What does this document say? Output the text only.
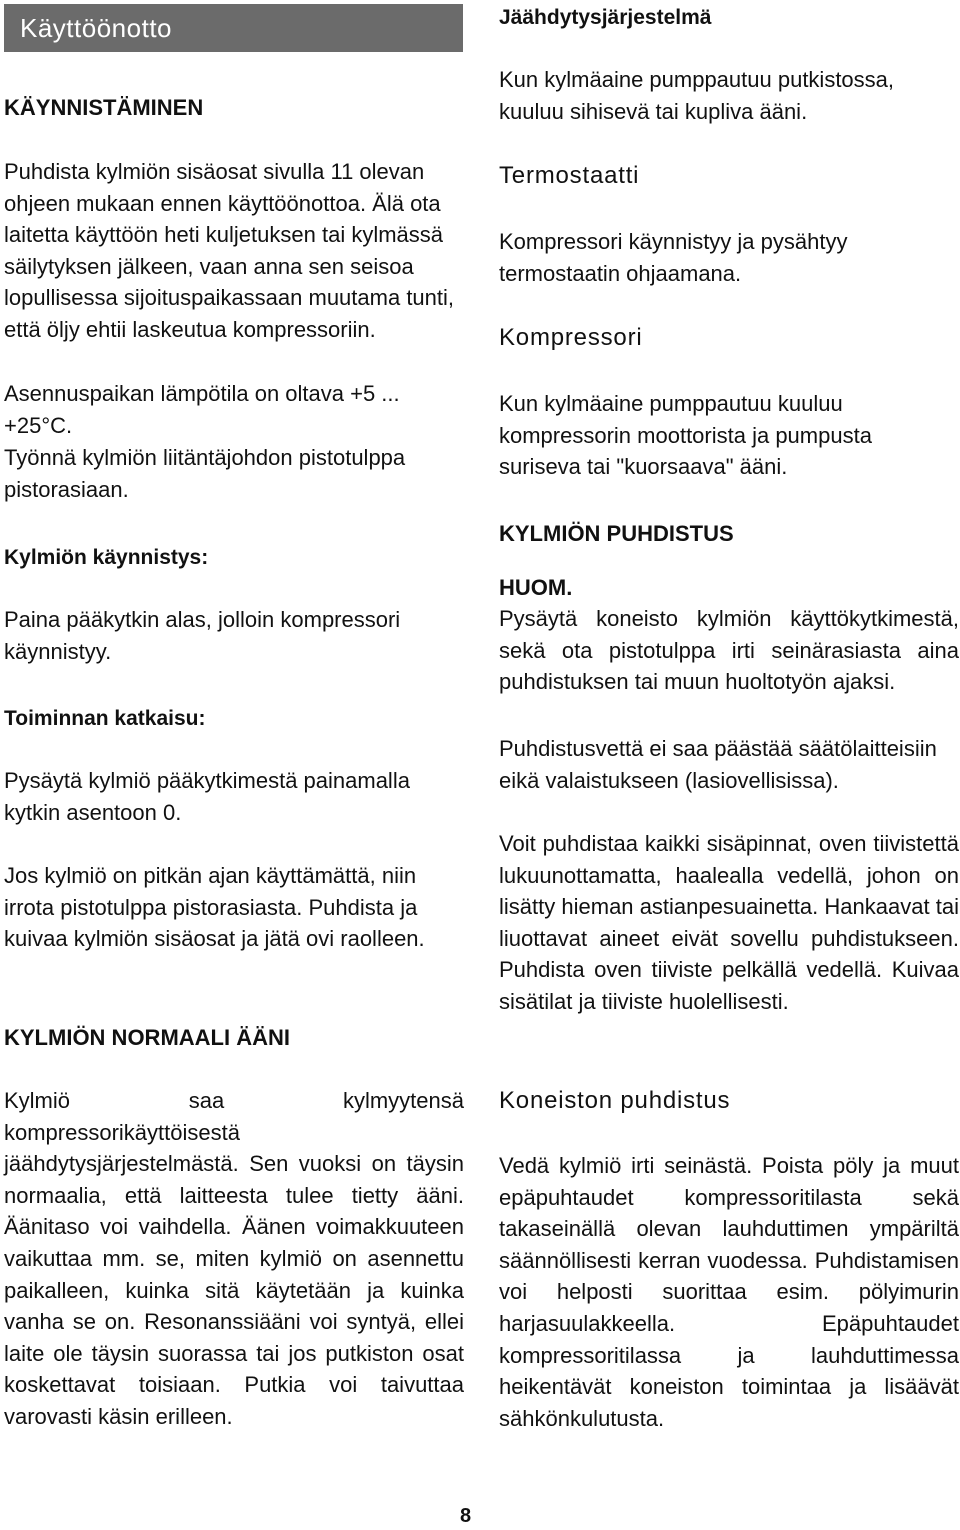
Käyttöönotto

KÄYNNISTÄMINEN

Puhdista kylmiön sisäosat sivulla 11 olevan ohjeen mukaan ennen käyttöönottoa. Älä ota laitetta käyttöön heti kuljetuksen tai kylmässä säilytyksen jälkeen, vaan anna sen seisoa lopullisessa sijoituspaikassaan muutama tunti, että öljy ehtii laskeutua kompressoriin.

Asennuspaikan lämpötila on oltava +5 ... +25°C.

Työnnä kylmiön liitäntäjohdon pistotulppa pistorasiaan.

Kylmiön käynnistys:

Paina pääkytkin alas, jolloin kompressori käynnistyy.

Toiminnan katkaisu:

Pysäytä kylmiö pääkytkimestä painamalla kytkin asentoon 0.

Jos kylmiö on pitkän ajan käyttämättä, niin irrota pistotulppa pistorasiasta. Puhdista ja kuivaa kylmiön sisäosat ja jätä ovi raolleen.

KYLMIÖN NORMAALI ÄÄNI

Kylmiö saa kylmyytensä kompressorikäyttöisestä jäähdytysjärjestelmästä. Sen vuoksi on täysin normaalia, että laitteesta tulee tietty ääni. Äänitaso voi vaihdella. Äänen voimakkuuteen vaikuttaa mm. se, miten kylmiö on asennettu paikalleen, kuinka sitä käytetään ja kuinka vanha se on. Resonanssiääni voi syntyä, ellei laite ole täysin suorassa tai jos putkiston osat koskettavat toisiaan. Putkia voi taivuttaa varovasti käsin erilleen.

Jäähdytysjärjestelmä

Kun kylmäaine pumppautuu putkistossa, kuuluu sihisevä tai kupliva ääni.

Termostaatti

Kompressori käynnistyy ja pysähtyy termostaatin ohjaamana.

Kompressori

Kun kylmäaine pumppautuu kuuluu kompressorin moottorista ja pumpusta suriseva tai "kuorsaava" ääni.

KYLMIÖN PUHDISTUS

HUOM.

Pysäytä koneisto kylmiön käyttökytkimestä, sekä ota pistotulppa irti seinärasiasta aina puhdistuksen tai muun huoltotyön ajaksi.

Puhdistusvettä ei saa päästää säätölaitteisiin eikä valaistukseen (lasiovellisissa).

Voit puhdistaa kaikki sisäpinnat, oven tiivistettä lukuunottamatta, haalealla vedellä, johon on lisätty hieman astianpesuainetta. Hankaavat tai liuottavat aineet eivät sovellu puhdistukseen. Puhdista oven tiiviste pelkällä vedellä. Kuivaa sisätilat ja tiiviste huolellisesti.

Koneiston puhdistus

Vedä kylmiö irti seinästä. Poista pöly ja muut epäpuhtaudet kompressoritilasta sekä takaseinällä olevan lauhduttimen ympäriltä säännöllisesti kerran vuodessa. Puhdistamisen voi helposti suorittaa esim. pölyimurin harjasuulakkeella. Epäpuhtaudet kompressoritilassa ja lauhduttimessa heikentävät koneiston toimintaa ja lisäävät sähkönkulutusta.

8
